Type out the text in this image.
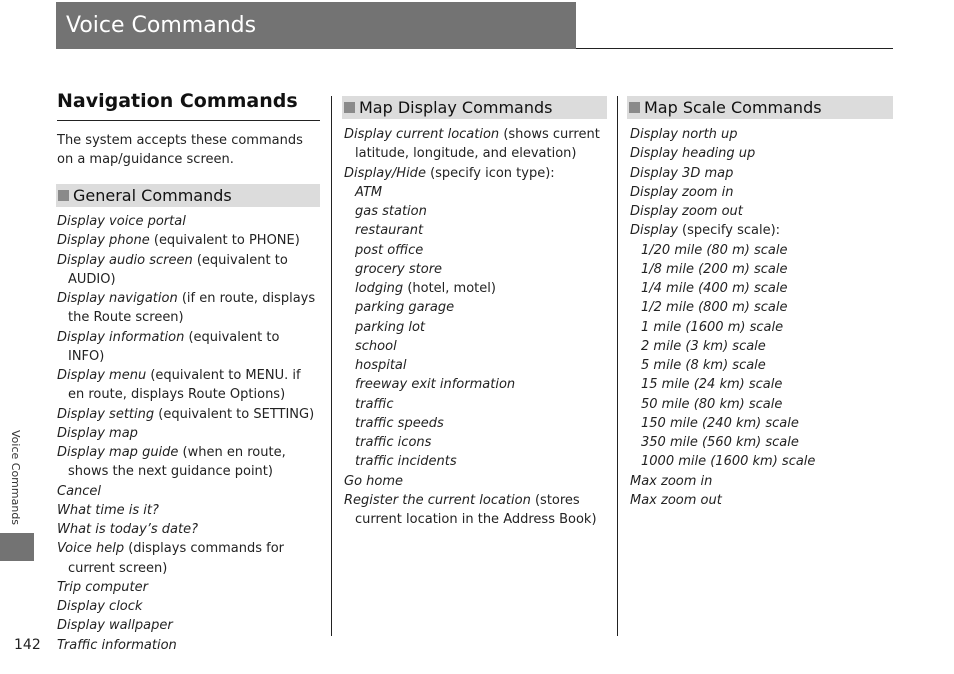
Voice Commands
Voice Commands
142
Navigation Commands
The system accepts these commands on a map/guidance screen.
General Commands
Display voice portal
Display phone (equivalent to PHONE)
Display audio screen (equivalent to AUDIO)
Display navigation (if en route, displays the Route screen)
Display information (equivalent to INFO)
Display menu (equivalent to MENU. if en route, displays Route Options)
Display setting (equivalent to SETTING)
Display map
Display map guide (when en route, shows the next guidance point)
Cancel
What time is it?
What is today’s date?
Voice help (displays commands for current screen)
Trip computer
Display clock
Display wallpaper
Traffic information
Map Display Commands
Display current location (shows current latitude, longitude, and elevation)
Display/Hide (specify icon type):
ATM
gas station
restaurant
post office
grocery store
lodging (hotel, motel)
parking garage
parking lot
school
hospital
freeway exit information
traffic
traffic speeds
traffic icons
traffic incidents
Go home
Register the current location (stores current location in the Address Book)
Map Scale Commands
Display north up
Display heading up
Display 3D map
Display zoom in
Display zoom out
Display (specify scale):
1/20 mile (80 m) scale
1/8 mile (200 m) scale
1/4 mile (400 m) scale
1/2 mile (800 m) scale
1 mile (1600 m) scale
2 mile (3 km) scale
5 mile (8 km) scale
15 mile (24 km) scale
50 mile (80 km) scale
150 mile (240 km) scale
350 mile (560 km) scale
1000 mile (1600 km) scale
Max zoom in
Max zoom out
